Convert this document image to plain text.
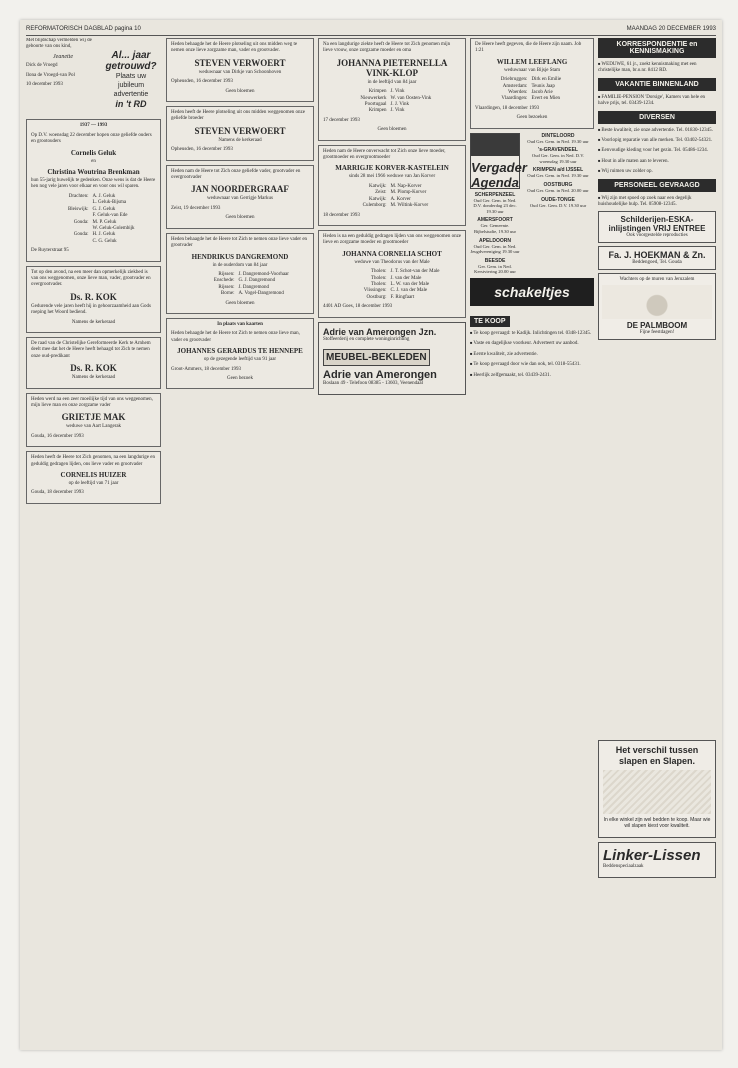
REFORMATORISCH DAGBLAD pagina 10	MAANDAG 20 DECEMBER 1993

Met blijdschap vermelden wij de geboorte van ons kind,

Jeanette

Dick de Vroegd

Ilona de Vroegd-van Pol

10 december 1993

1937 — 1993

Op D.V. woensdag 22 december hopen onze geliefde ouders en grootouders

Cornelis Geluk

en

Christina Woutrina Brenkman

hun 55-jarig huwelijk te gedenken. Onze wens is dat de Heere hen nog vele jaren voor elkaar en voor ons wil sparen.

Drachten: A. J. Geluk
L. Geluk-Bijsma
Bleiswijk: G. J. Geluk
F. Geluk-van Ede
Gouda: M. P. Geluk
W. Geluk-Golembijk
Gouda: H. J. Geluk
C. G. Geluk

De Ruyterstraat 95

Tot op den avond, na een meer dan opmerkelijk ziekbed is van ons weggenomen, onze lieve man, vader, grootvader en overgrootvader.

Ds. R. KOK

Gedurende vele jaren heeft hij in gehoorzaamheid aan Gods roeping het Woord bediend.

Namens de kerkeraad

De raad van de Christelijke Gereformeerde Kerk te Arnhem deelt mee dat het de Heere heeft behaagd tot Zich te nemen onze oud-predikant

Ds. R. KOK

Namens de kerkeraad

Heden werd na een zeer moeilijke tijd van ons weggenomen, mijn lieve man en onze zorgzame vader

GRIETJE MAK

weduwe van Aart Langerak

Gouda, 16 december 1993

Heden heeft de Heere tot Zich genomen, na een langdurige en geduldig gedragen lijden, ons lieve vader en grootvader

CORNELIS HUIZER

op de leeftijd van 71 jaar

Gouda, 18 december 1993

Al... jaar
getrouwd?
Plaats uw jubileum advertentie
in 't RD

Heden behaagde het de Heere plotseling uit ons midden weg te nemen onze lieve zorgzame man, vader en grootvader.

STEVEN VERWOERT

weduwnaar van Dirkje van Schoonhoven

Opheusden, 16 december 1993

Geen bloemen

Heden heeft de Heere plotseling uit ons midden weggenomen onze geliefde broeder

STEVEN VERWOERT

Namens de kerkeraad

Opheusden, 16 december 1993

Heden nam de Heere tot Zich onze geliefde vader, grootvader en overgrootvader

JAN NOORDERGRAAF

weduwnaar van Gerrigje Markus

Zeist, 19 december 1993

Geen bloemen

Heden behaagde het de Heere tot Zich te nemen onze lieve vader en grootvader

HENDRIKUS DANGREMOND

in de ouderdom van 84 jaar

Rijssen: J. Dangremond-Voorhaar
Enschede: G. J. Dangremond
Rijssen: J. Dangremond
Borne: A. Vogel-Dangremond

Geen bloemen

In plaats van kaarten

Heden behaagde het de Heere tot Zich te nemen onze lieve man, vader en grootvader

JOHANNES GERARDUS TE HENNEPE

op de gezegende leeftijd van 91 jaar

Groot-Ammers, 18 december 1993

Geen bezoek

Na een langdurige ziekte heeft de Heere tot Zich genomen mijn lieve vrouw, onze zorgzame moeder en oma

JOHANNA PIETERNELLA VINK-KLOP

in de leeftijd van 84 jaar

Krimpen J. Vink
Nieuwerkerk W. van Oosten-Vink
Poortugaal J. J. Vink
Krimpen J. Vink

17 december 1993

Geen bloemen

Heden nam de Heere onverwacht tot Zich onze lieve moeder, grootmoeder en overgrootmoeder

MARRIGJE KORVER-KASTELEIN

sinds 28 mei 1966 weduwe van Jan Korver

Katwijk: M. Nap-Korver
Zeist: M. Plomp-Korver
Katwijk: A. Korver
Culemborg: M. Wiltink-Korver

18 december 1993

Heden is na een geduldig gedragen lijden van ons weggenomen onze lieve en zorgzame moeder en grootmoeder

JOHANNA CORNELIA SCHOT

weduwe van Theodorus van der Male

Tholen: J. T. Schot-van der Male
Tholen: J. van der Male
Tholen: L. W. van der Male
Vlissingen: C. J. van der Male
Oostburg: F. Ringfaart

4401 AD Goes, 18 december 1993

Adrie van Amerongen Jzn.

Stoffeerderij en complete woninginrichting

MEUBEL-BEKLEDEN
Adrie van Amerongen

Boslaan 49 - Telefoon 08385 - 13603, Veenendaal

De Heere heeft gegeven, die de Heere zijn naam. Job 1:21

WILLEM LEEFLANG

weduwnaar van Bijsje Stam

Driebruggen: Dirk en Emilie
Amsterdam: Teunis Jaap
Woerden: Jacob Arie
Vlaardingen: Evert en Mien

Vlaardingen, 18 december 1993

Geen bezoeken

Vergader Agenda
SCHERPENZEEL
Oud Ger. Gem. in Ned. D.V. donderdag 23 dec. 19.30 uur
AMERSFOORT
Ger. Gemeente. Bijbelstudie, 19.30 uur
APELDOORN
Oud Ger. Gem. in Ned. Jeugdvereniging 19.30 uur
BEESDE
Ger. Gem. in Ned. Kerstviering 20.00 uur
DINTELOORD
Oud Ger. Gem. in Ned. 19.30 uur
's-GRAVENDEEL
Oud Ger. Gem. in Ned. D.V. woensdag 19.30 uur
KRIMPEN a/d IJSSEL
Oud Ger. Gem. in Ned. 19.30 uur
OOSTBURG
Oud Ger. Gem. in Ned. 20.00 uur
OUDE-TONGE
Oud Ger. Gem. D.V. 19.30 uur
schakeltjes
TE KOOP

■ Te koop gevraagd: te Kadijk. Inlichtingen tel. 0348-12345.

■ Vaste en dagelijkse voorkeur. Adverteert uw aanbod.

■ Eerste kwaliteit, zie advertentie.

■ Te koop gevraagd door wie dan ook, tel. 0318-55431.

■ Heerlijk zelfgemaakt, tel. 03439-2431.

KORRESPONDENTIE en KENNISMAKING

■ WEDUWE, 61 jr., zoekt kennismaking met een christelijke man, br.o.nr. 8412 RD.

VAKANTIE BINNENLAND

■ FAMILIE-PENSION 'Dorsige', Kamers van hele en halve prijs, tel. 03439-1234.

DIVERSEN

■ Beste kwaliteit, zie onze advertentie. Tel. 01830-12345.

■ Voorlopig reparatie van alle merken. Tel. 03402-54321.

■ Eenvoudige kleding voor het gezin. Tel. 05486-1234.

■ Hout in alle maten aan te leveren.

■ Wij ruimen uw zolder op.

PERSONEEL GEVRAAGD

■ Wij zijn met spoed op zoek naar een degelijk huishoudelijke hulp. Tel. 05908-12345.

Schilderijen-ESKA-inlijstingen VRIJ ENTREE
Ook voorgestelde reproducties
Fa. J. HOEKMAN & Zn.
Beddengoed, Tel. Gouda
Wachters op de muren van Jeruzalem
DE PALMBOOM
Fijne feestdagen!
Het verschil tussen slapen en Slapen.

In elke winkel zijn wel bedden te koop. Maar wie wil slapen kiest voor kwaliteit.

Linker-Lissen

Beddenspeciaalzaak
